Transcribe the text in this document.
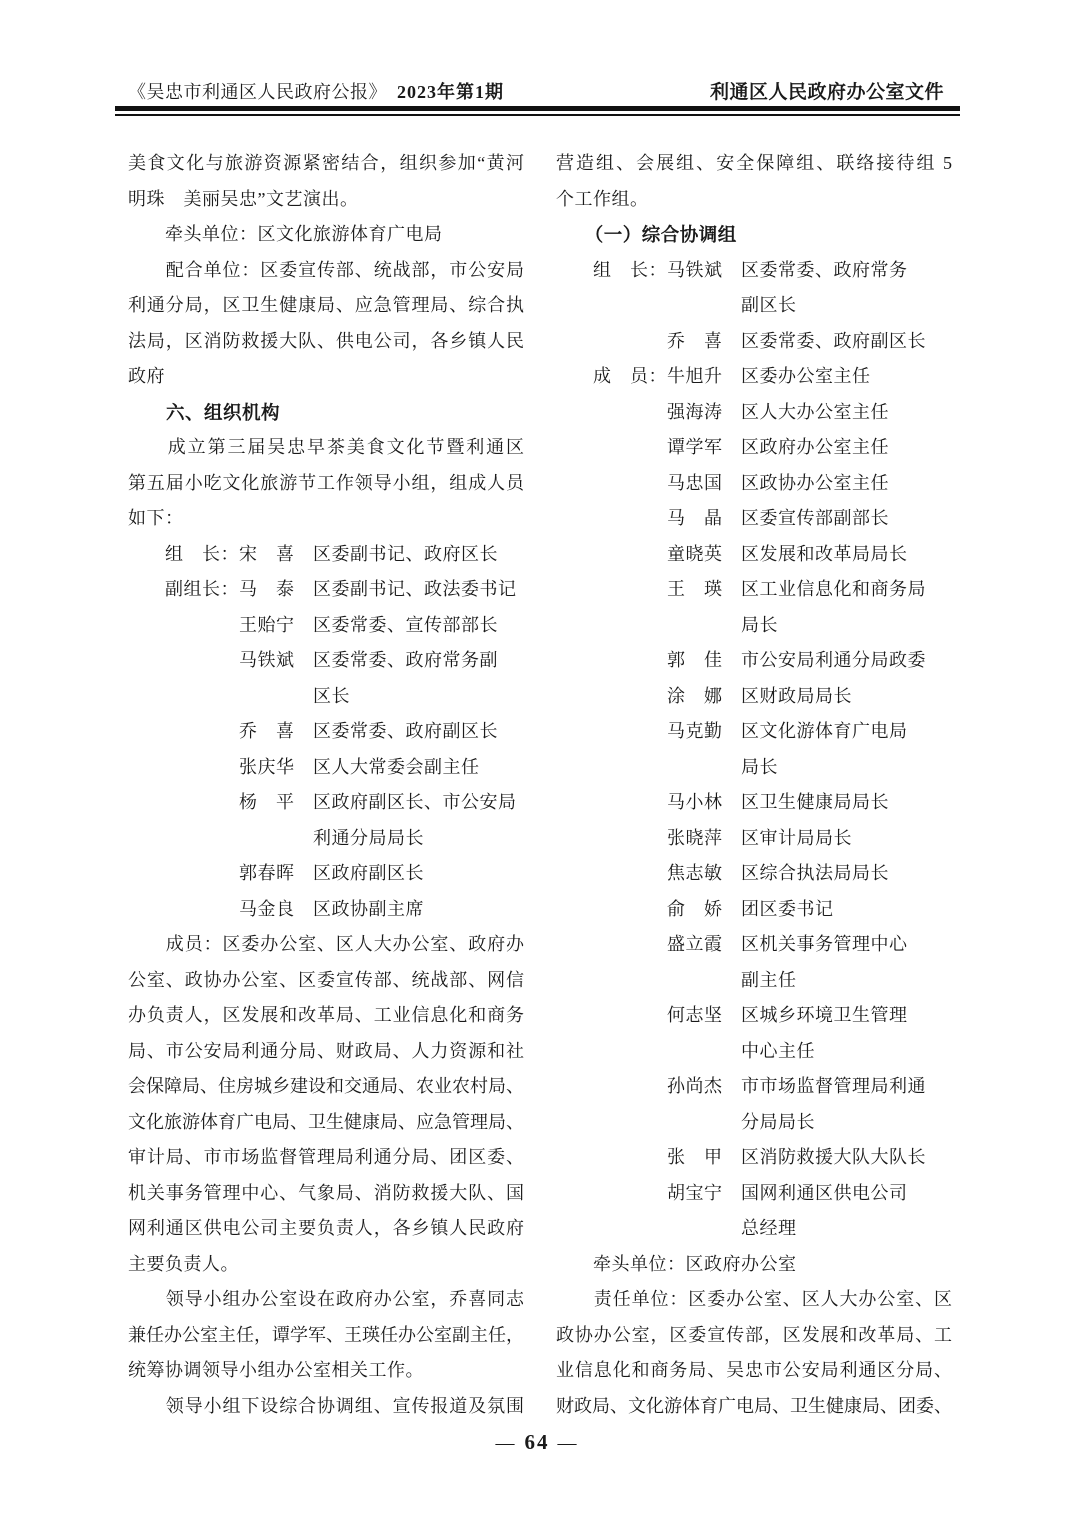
《吴忠市利通区人民政府公报》 2023年第1期	利通区人民政府办公室文件
美食文化与旅游资源紧密结合，组织参加“黄河
明珠　美丽吴忠”文艺演出。
　　牵头单位：区文化旅游体育广电局
　　配合单位：区委宣传部、统战部，市公安局
利通分局，区卫生健康局、应急管理局、综合执
法局，区消防救援大队、供电公司，各乡镇人民
政府
　　六、组织机构
　　成立第三届吴忠早茶美食文化节暨利通区
第五届小吃文化旅游节工作领导小组，组成人员
如下：
　　组　长：宋　喜　区委副书记、政府区长
　　副组长：马　泰　区委副书记、政法委书记
　　　　　　王贻宁　区委常委、宣传部部长
　　　　　　马铁斌　区委常委、政府常务副
　　　　　　　　　　区长
　　　　　　乔　喜　区委常委、政府副区长
　　　　　　张庆华　区人大常委会副主任
　　　　　　杨　平　区政府副区长、市公安局
　　　　　　　　　　利通分局局长
　　　　　　郭春晖　区政府副区长
　　　　　　马金良　区政协副主席
　　成员：区委办公室、区人大办公室、政府办
公室、政协办公室、区委宣传部、统战部、网信
办负责人，区发展和改革局、工业信息化和商务
局、市公安局利通分局、财政局、人力资源和社
会保障局、住房城乡建设和交通局、农业农村局、
文化旅游体育广电局、卫生健康局、应急管理局、
审计局、市市场监督管理局利通分局、团区委、
机关事务管理中心、气象局、消防救援大队、国
网利通区供电公司主要负责人，各乡镇人民政府
主要负责人。
　　领导小组办公室设在政府办公室，乔喜同志
兼任办公室主任，谭学军、王瑛任办公室副主任，
统筹协调领导小组办公室相关工作。
　　领导小组下设综合协调组、宣传报道及氛围
营造组、会展组、安全保障组、联络接待组 5
个工作组。
　　（一）综合协调组
　　组　长：马铁斌　区委常委、政府常务
　　　　　　　　　　副区长
　　　　　　乔　喜　区委常委、政府副区长
　　成　员：牛旭升　区委办公室主任
　　　　　　强海涛　区人大办公室主任
　　　　　　谭学军　区政府办公室主任
　　　　　　马忠国　区政协办公室主任
　　　　　　马　晶　区委宣传部副部长
　　　　　　童晓英　区发展和改革局局长
　　　　　　王　瑛　区工业信息化和商务局
　　　　　　　　　　局长
　　　　　　郭　佳　市公安局利通分局政委
　　　　　　涂　娜　区财政局局长
　　　　　　马克勤　区文化游体育广电局
　　　　　　　　　　局长
　　　　　　马小林　区卫生健康局局长
　　　　　　张晓萍　区审计局局长
　　　　　　焦志敏　区综合执法局局长
　　　　　　俞　娇　团区委书记
　　　　　　盛立霞　区机关事务管理中心
　　　　　　　　　　副主任
　　　　　　何志坚　区城乡环境卫生管理
　　　　　　　　　　中心主任
　　　　　　孙尚杰　市市场监督管理局利通
　　　　　　　　　　分局局长
　　　　　　张　甲　区消防救援大队大队长
　　　　　　胡宝宁　国网利通区供电公司
　　　　　　　　　　总经理
　　牵头单位：区政府办公室
　　责任单位：区委办公室、区人大办公室、区
政协办公室，区委宣传部，区发展和改革局、工
业信息化和商务局、吴忠市公安局利通区分局、
财政局、文化游体育广电局、卫生健康局、团委、
— 64 —
